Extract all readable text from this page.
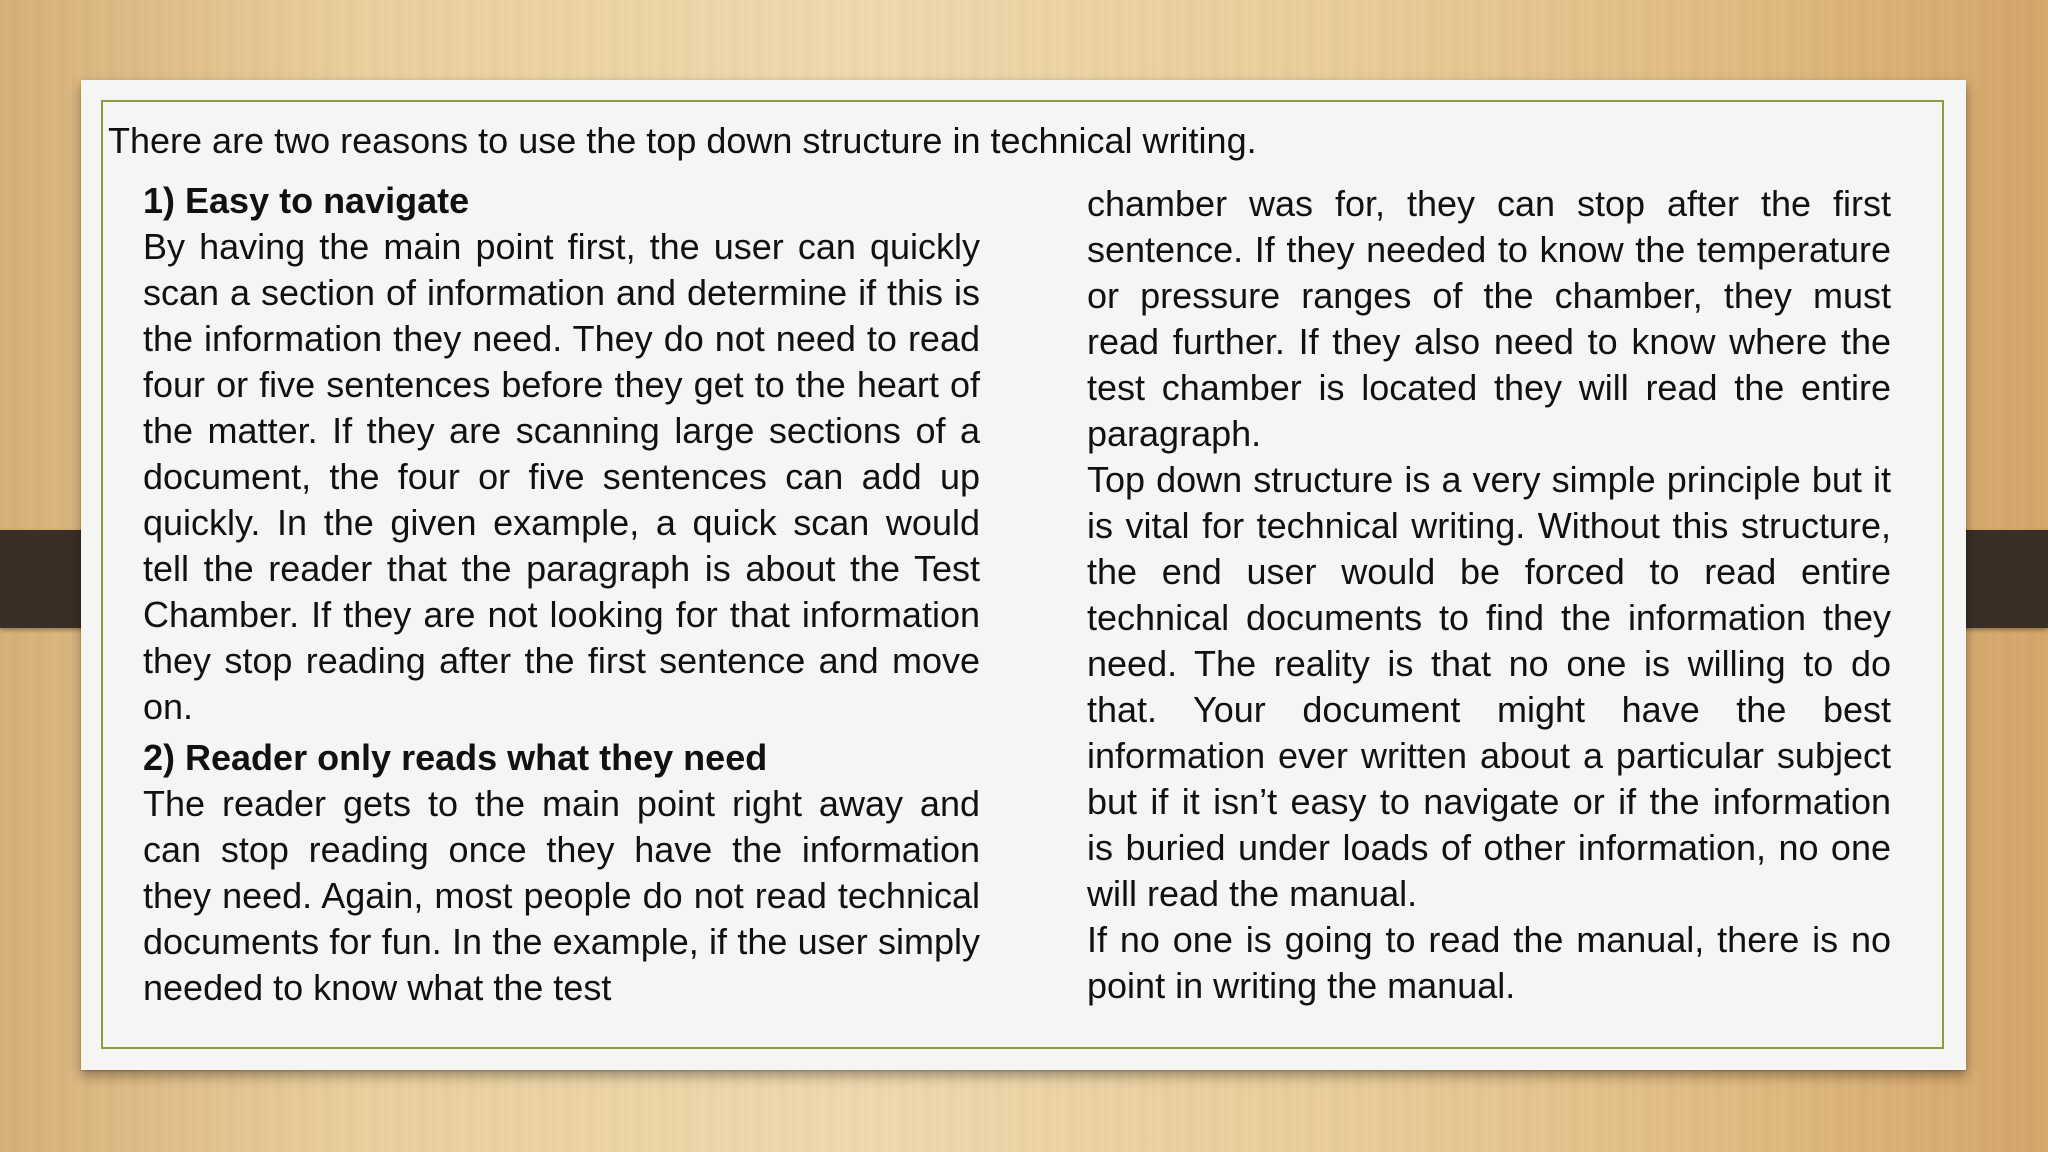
There are two reasons to use the top down structure in technical writing.

1) Easy to navigate

By having the main point first, the user can quickly scan a section of information and determine if this is the information they need. They do not need to read four or five sentences before they get to the heart of the matter. If they are scanning large sections of a document, the four or five sentences can add up quickly. In the given example, a quick scan would tell the reader that the paragraph is about the Test Chamber. If they are not looking for that information they stop reading after the first sentence and move on.

2) Reader only reads what they need

The reader gets to the main point right away and can stop reading once they have the information they need. Again, most people do not read technical documents for fun. In the example, if the user simply needed to know what the test

chamber was for, they can stop after the first sentence. If they needed to know the temperature or pressure ranges of the chamber, they must read further. If they also need to know where the test chamber is located they will read the entire paragraph.

Top down structure is a very simple principle but it is vital for technical writing. Without this structure, the end user would be forced to read entire technical documents to find the information they need. The reality is that no one is willing to do that. Your document might have the best information ever written about a particular subject but if it isn’t easy to navigate or if the information is buried under loads of other information, no one will read the manual.

If no one is going to read the manual, there is no point in writing the manual.
